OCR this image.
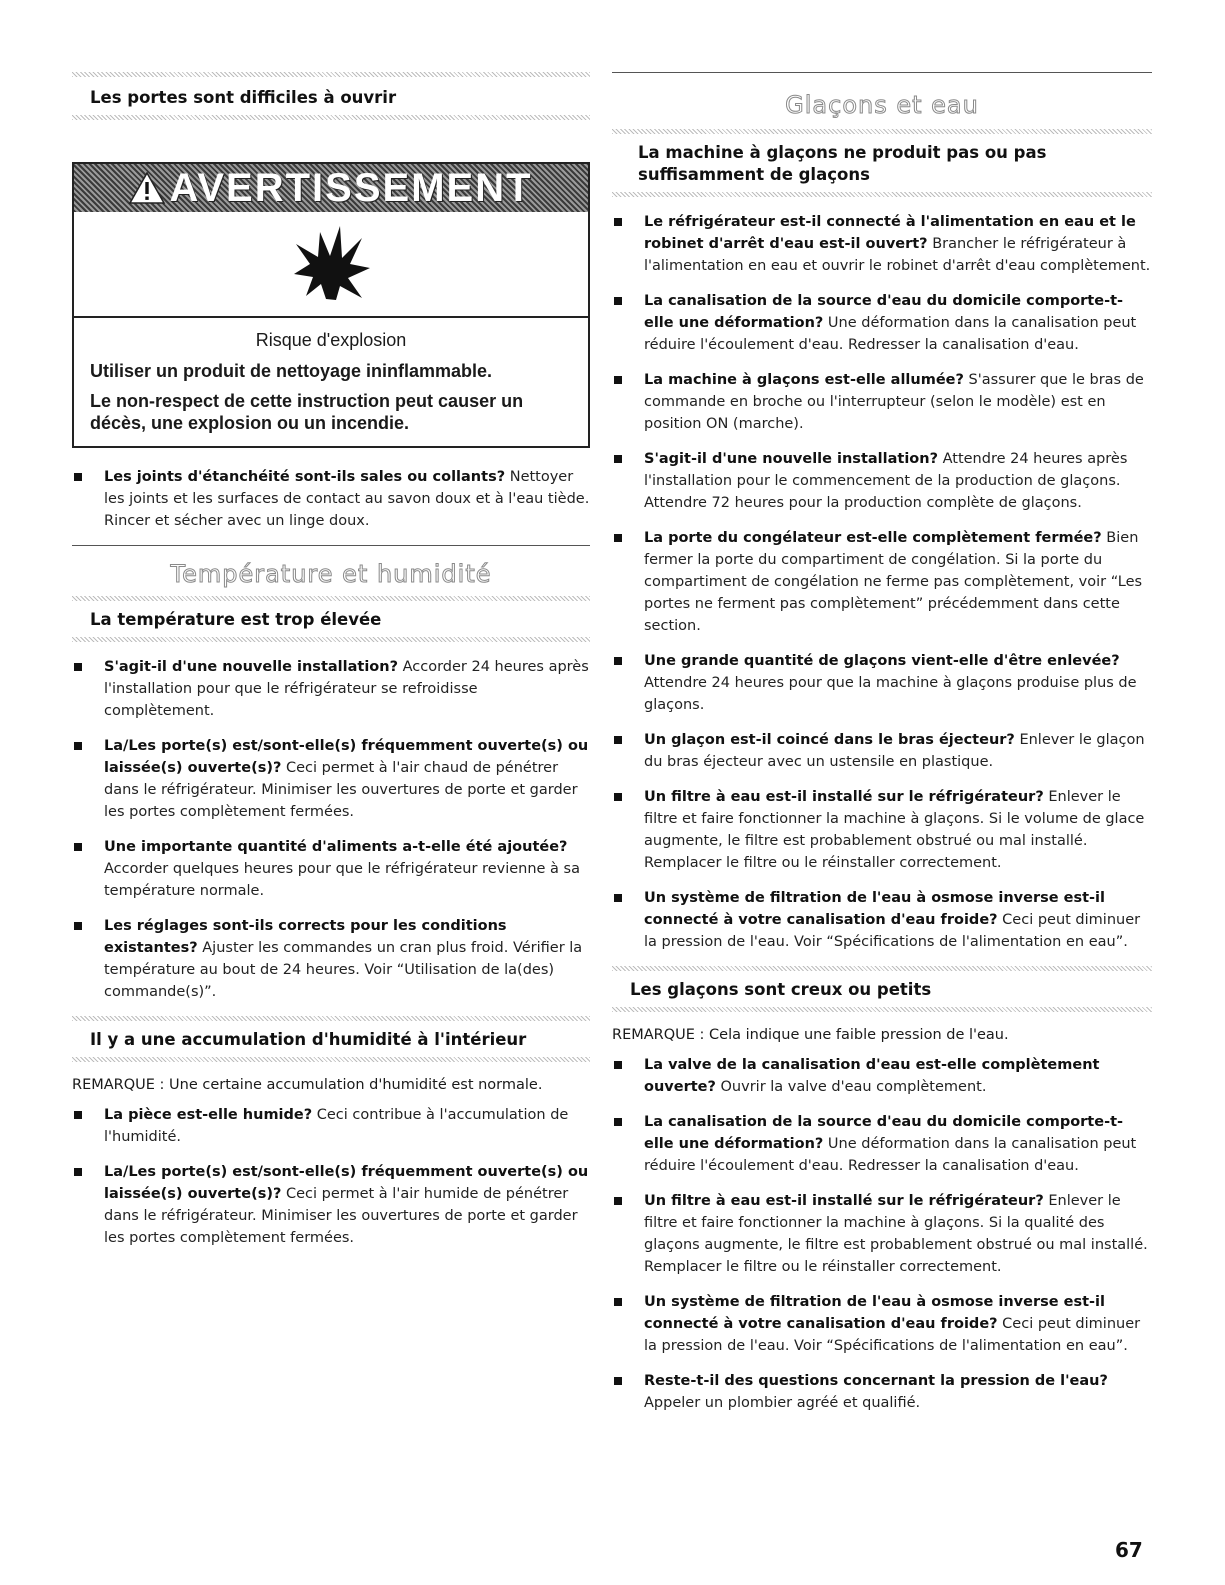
Les portes sont difficiles à ouvrir
AVERTISSEMENT
Risque d'explosion
Utiliser un produit de nettoyage ininflammable.
Le non-respect de cette instruction peut causer un décès, une explosion ou un incendie.
Les joints d'étanchéité sont-ils sales ou collants? Nettoyer les joints et les surfaces de contact au savon doux et à l'eau tiède. Rincer et sécher avec un linge doux.
Température et humidité
La température est trop élevée
S'agit-il d'une nouvelle installation? Accorder 24 heures après l'installation pour que le réfrigérateur se refroidisse complètement.
La/Les porte(s) est/sont-elle(s) fréquemment ouverte(s) ou laissée(s) ouverte(s)? Ceci permet à l'air chaud de pénétrer dans le réfrigérateur. Minimiser les ouvertures de porte et garder les portes complètement fermées.
Une importante quantité d'aliments a-t-elle été ajoutée? Accorder quelques heures pour que le réfrigérateur revienne à sa température normale.
Les réglages sont-ils corrects pour les conditions existantes? Ajuster les commandes un cran plus froid. Vérifier la température au bout de 24 heures. Voir “Utilisation de la(des) commande(s)”.
Il y a une accumulation d'humidité à l'intérieur
REMARQUE : Une certaine accumulation d'humidité est normale.
La pièce est-elle humide? Ceci contribue à l'accumulation de l'humidité.
La/Les porte(s) est/sont-elle(s) fréquemment ouverte(s) ou laissée(s) ouverte(s)? Ceci permet à l'air humide de pénétrer dans le réfrigérateur. Minimiser les ouvertures de porte et garder les portes complètement fermées.
Glaçons et eau
La machine à glaçons ne produit pas ou pas suffisamment de glaçons
Le réfrigérateur est-il connecté à l'alimentation en eau et le robinet d'arrêt d'eau est-il ouvert? Brancher le réfrigérateur à l'alimentation en eau et ouvrir le robinet d'arrêt d'eau complètement.
La canalisation de la source d'eau du domicile comporte-t-elle une déformation? Une déformation dans la canalisation peut réduire l'écoulement d'eau. Redresser la canalisation d'eau.
La machine à glaçons est-elle allumée? S'assurer que le bras de commande en broche ou l'interrupteur (selon le modèle) est en position ON (marche).
S'agit-il d'une nouvelle installation? Attendre 24 heures après l'installation pour le commencement de la production de glaçons. Attendre 72 heures pour la production complète de glaçons.
La porte du congélateur est-elle complètement fermée? Bien fermer la porte du compartiment de congélation. Si la porte du compartiment de congélation ne ferme pas complètement, voir “Les portes ne ferment pas complètement” précédemment dans cette section.
Une grande quantité de glaçons vient-elle d'être enlevée? Attendre 24 heures pour que la machine à glaçons produise plus de glaçons.
Un glaçon est-il coincé dans le bras éjecteur? Enlever le glaçon du bras éjecteur avec un ustensile en plastique.
Un filtre à eau est-il installé sur le réfrigérateur? Enlever le filtre et faire fonctionner la machine à glaçons. Si le volume de glace augmente, le filtre est probablement obstrué ou mal installé. Remplacer le filtre ou le réinstaller correctement.
Un système de filtration de l'eau à osmose inverse est-il connecté à votre canalisation d'eau froide? Ceci peut diminuer la pression de l'eau. Voir “Spécifications de l'alimentation en eau”.
Les glaçons sont creux ou petits
REMARQUE : Cela indique une faible pression de l'eau.
La valve de la canalisation d'eau est-elle complètement ouverte? Ouvrir la valve d'eau complètement.
La canalisation de la source d'eau du domicile comporte-t-elle une déformation? Une déformation dans la canalisation peut réduire l'écoulement d'eau. Redresser la canalisation d'eau.
Un filtre à eau est-il installé sur le réfrigérateur? Enlever le filtre et faire fonctionner la machine à glaçons. Si la qualité des glaçons augmente, le filtre est probablement obstrué ou mal installé. Remplacer le filtre ou le réinstaller correctement.
Un système de filtration de l'eau à osmose inverse est-il connecté à votre canalisation d'eau froide? Ceci peut diminuer la pression de l'eau. Voir “Spécifications de l'alimentation en eau”.
Reste-t-il des questions concernant la pression de l'eau? Appeler un plombier agréé et qualifié.
67
